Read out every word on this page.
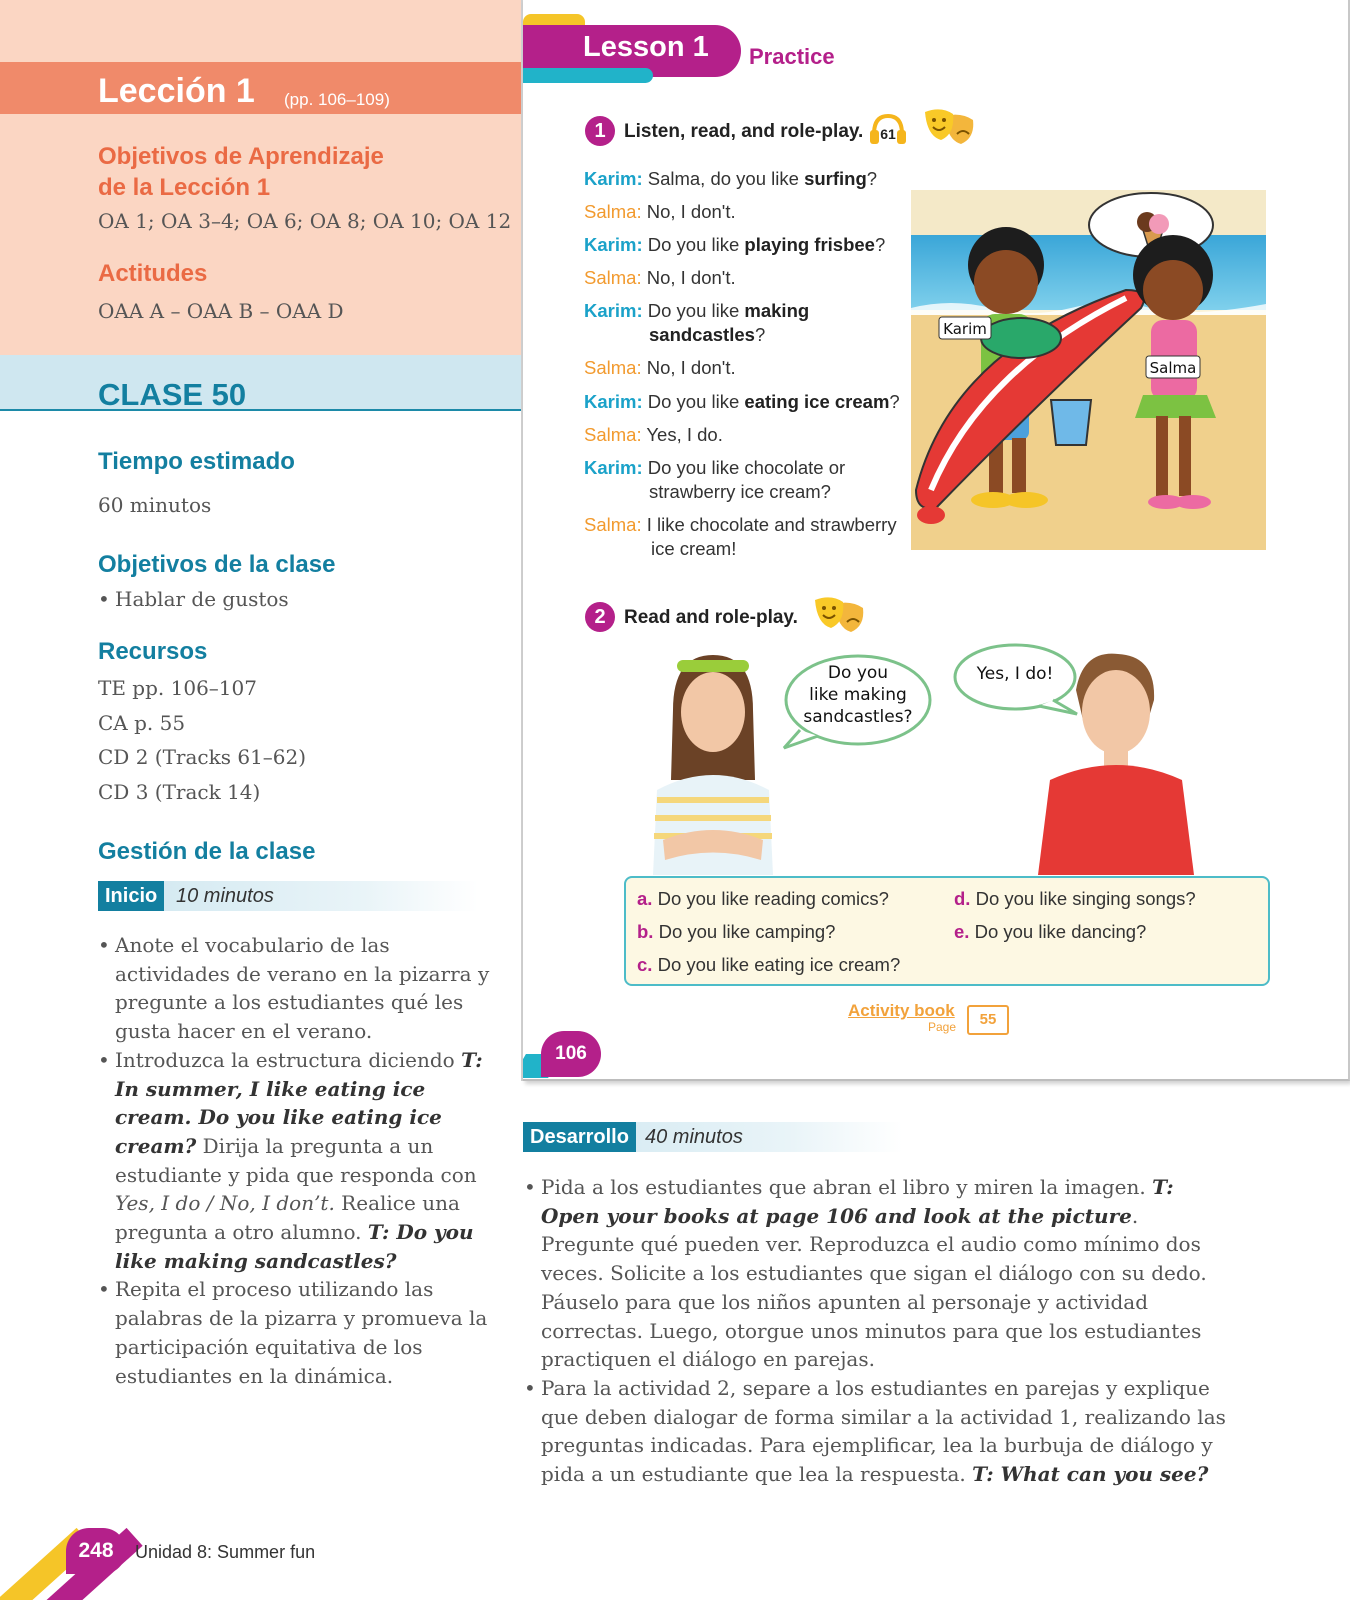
Lección 1 (pp. 106–109)
Objetivos de Aprendizaje
de la Lección 1
OA 1; OA 3–4; OA 6; OA 8; OA 10; OA 12
Actitudes
OAA A – OAA B – OAA D
CLASE 50
Tiempo estimado
60 minutos
Objetivos de la clase
• Hablar de gustos
Recursos
TE pp. 106–107
CA p. 55
CD 2 (Tracks 61–62)
CD 3 (Track 14)
Gestión de la clase
Inicio 10 minutos
• Anote el vocabulario de las actividades de verano en la pizarra y pregunte a los estudiantes qué les gusta hacer en el verano.
• Introduzca la estructura diciendo T: In summer, I like eating ice cream. Do you like eating ice cream? Dirija la pregunta a un estudiante y pida que responda con Yes, I do / No, I don’t. Realice una pregunta a otro alumno. T: Do you like making sandcastles?
• Repita el proceso utilizando las palabras de la pizarra y promueva la participación equitativa de los estudiantes en la dinámica.
Lesson 1 Practice
1 Listen, read, and role-play. 61
Karim: Salma, do you like surfing?
Salma: No, I don't.
Karim: Do you like playing frisbee?
Salma: No, I don't.
Karim: Do you like making
sandcastles?
Salma: No, I don't.
Karim: Do you like eating ice cream?
Salma: Yes, I do.
Karim: Do you like chocolate or
strawberry ice cream?
Salma: I like chocolate and strawberry
ice cream!
Karim
Salma
2 Read and role-play.
Do you
like making
sandcastles?
Yes, I do!
a. Do you like reading comics?
b. Do you like camping?
c. Do you like eating ice cream?
d. Do you like singing songs?
e. Do you like dancing?
Activity book
Page	55
106
Desarrollo 40 minutos
• Pida a los estudiantes que abran el libro y miren la imagen. T: Open your books at page 106 and look at the picture. Pregunte qué pueden ver. Reproduzca el audio como mínimo dos veces. Solicite a los estudiantes que sigan el diálogo con su dedo. Páuselo para que los niños apunten al personaje y actividad correctas. Luego, otorgue unos minutos para que los estudiantes practiquen el diálogo en parejas.
• Para la actividad 2, separe a los estudiantes en parejas y explique que deben dialogar de forma similar a la actividad 1, realizando las preguntas indicadas. Para ejemplificar, lea la burbuja de diálogo y pida a un estudiante que lea la respuesta. T: What can you see?
248	Unidad 8: Summer fun
